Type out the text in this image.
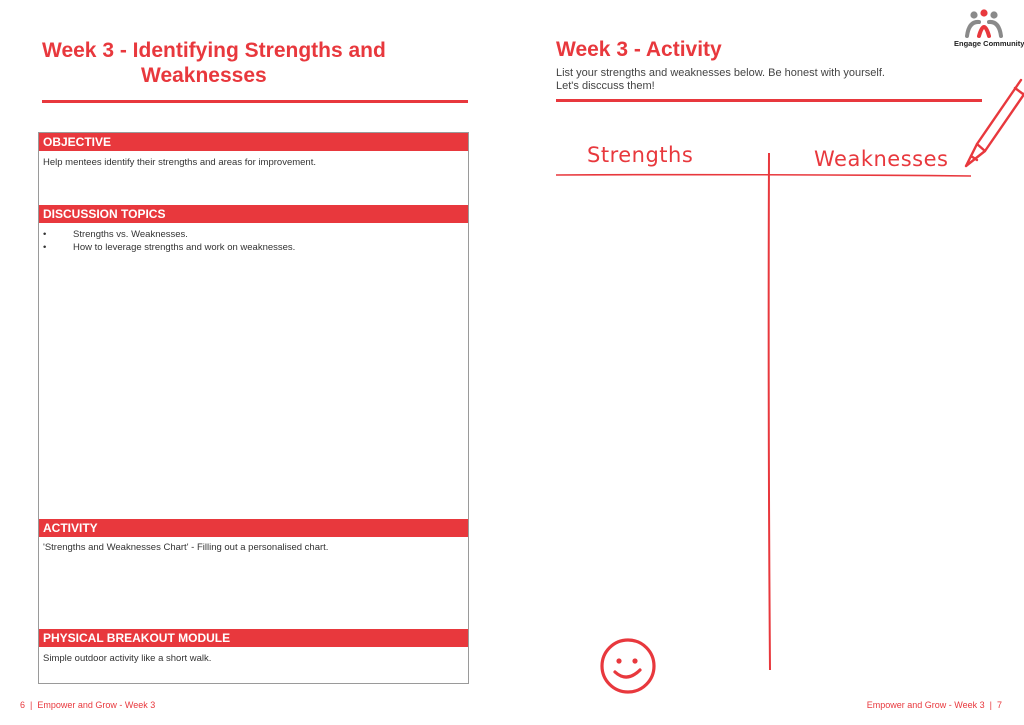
Week 3 - Identifying Strengths and
Weaknesses
OBJECTIVE
Help mentees identify their strengths and areas for improvement.
DISCUSSION TOPICS
•	Strengths vs. Weaknesses.
•	How to leverage strengths and work on weaknesses.
ACTIVITY
'Strengths and Weaknesses Chart' - Filling out a personalised chart.
PHYSICAL BREAKOUT MODULE
Simple outdoor activity like a short walk.
6 | Empower and Grow - Week 3
Engage Community
Week 3 - Activity
List your strengths and weaknesses below. Be honest with yourself.
Let's disccuss them!
Strengths	Weaknesses
Empower and Grow - Week 3 | 7
